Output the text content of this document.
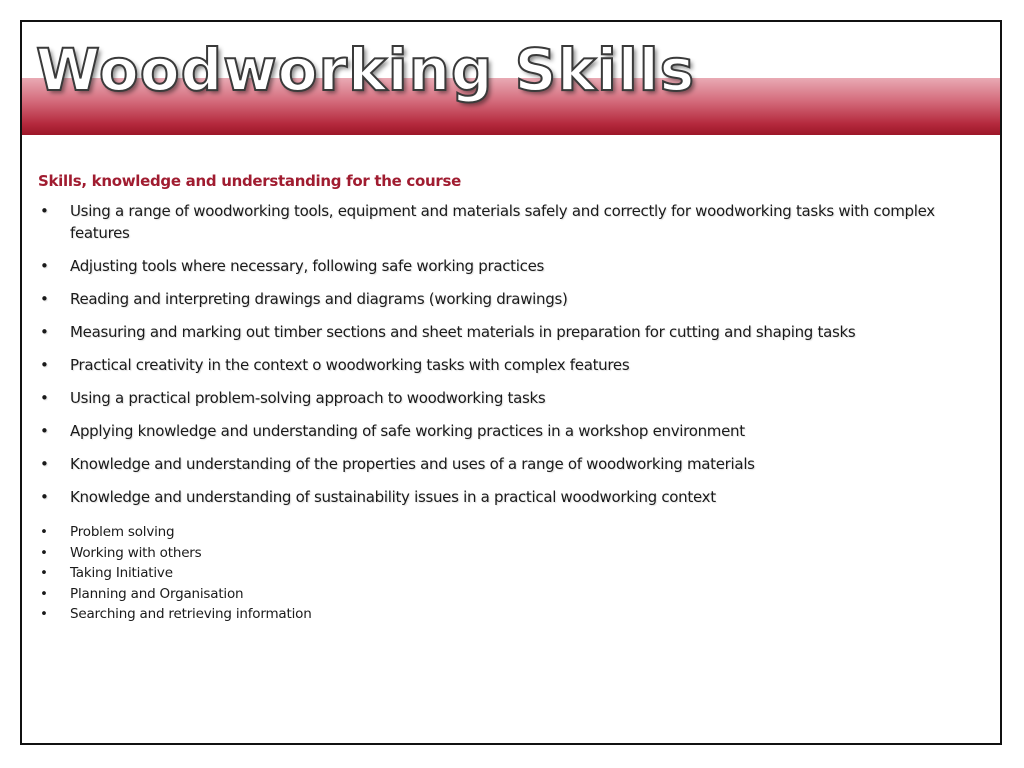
Woodworking Skills

Skills, knowledge and understanding for the course

• Using a range of woodworking tools, equipment and materials safely and correctly for woodworking tasks with complex features
• Adjusting tools where necessary, following safe working practices
• Reading and interpreting drawings and diagrams (working drawings)
• Measuring and marking out timber sections and sheet materials in preparation for cutting and shaping tasks
• Practical creativity in the context o woodworking tasks with complex features
• Using a practical problem-solving approach to woodworking tasks
• Applying knowledge and understanding of safe working practices in a workshop environment
• Knowledge and understanding of the properties and uses of a range of woodworking materials
• Knowledge and understanding of sustainability issues in a practical woodworking context
• Problem solving
• Working with others
• Taking Initiative
• Planning and Organisation
• Searching and retrieving information
